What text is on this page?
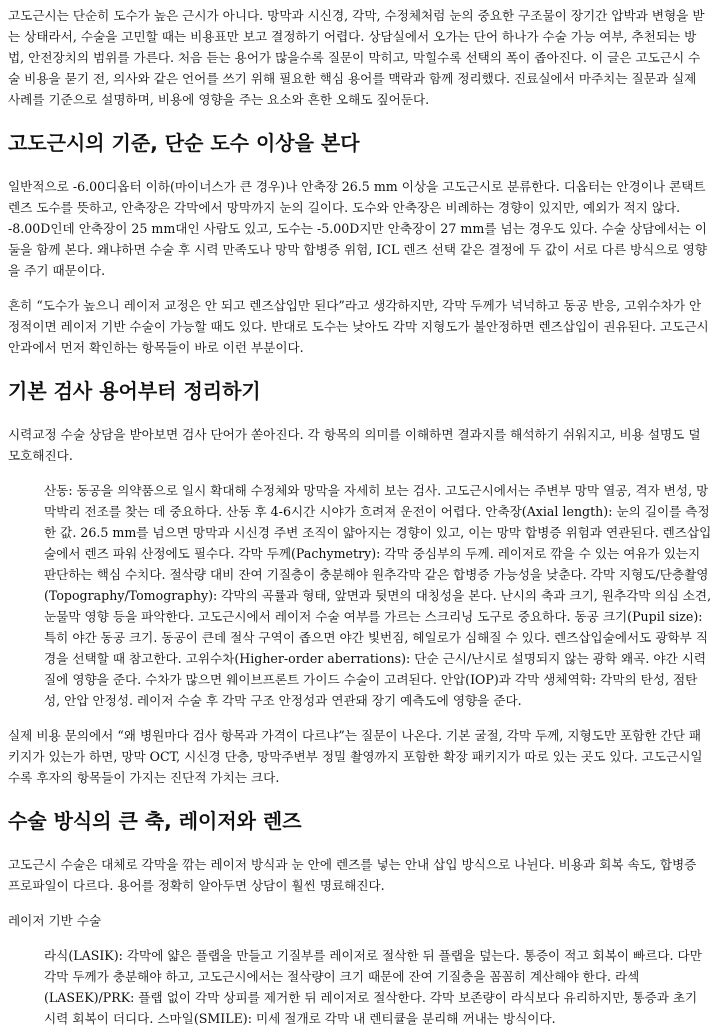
고도근시는 단순히 도수가 높은 근시가 아니다. 망막과 시신경, 각막, 수정체처럼 눈의 중요한 구조물이 장기간 압박과 변형을 받는 상태라서, 수술을 고민할 때는 비용표만 보고 결정하기 어렵다. 상담실에서 오가는 단어 하나가 수술 가능 여부, 추천되는 방법, 안전장치의 범위를 가른다. 처음 듣는 용어가 많을수록 질문이 막히고, 막힐수록 선택의 폭이 좁아진다. 이 글은 고도근시 수술 비용을 묻기 전, 의사와 같은 언어를 쓰기 위해 필요한 핵심 용어를 맥락과 함께 정리했다. 진료실에서 마주치는 질문과 실제 사례를 기준으로 설명하며, 비용에 영향을 주는 요소와 흔한 오해도 짚어둔다.

고도근시의 기준, 단순 도수 이상을 본다

일반적으로 -6.00디옵터 이하(마이너스가 큰 경우)나 안축장 26.5 mm 이상을 고도근시로 분류한다. 디옵터는 안경이나 콘택트렌즈 도수를 뜻하고, 안축장은 각막에서 망막까지 눈의 길이다. 도수와 안축장은 비례하는 경향이 있지만, 예외가 적지 않다. -8.00D인데 안축장이 25 mm대인 사람도 있고, 도수는 -5.00D지만 안축장이 27 mm를 넘는 경우도 있다. 수술 상담에서는 이 둘을 함께 본다. 왜냐하면 수술 후 시력 만족도나 망막 합병증 위험, ICL 렌즈 선택 같은 결정에 두 값이 서로 다른 방식으로 영향을 주기 때문이다.

흔히 “도수가 높으니 레이저 교정은 안 되고 렌즈삽입만 된다”라고 생각하지만, 각막 두께가 넉넉하고 동공 반응, 고위수차가 안정적이면 레이저 기반 수술이 가능할 때도 있다. 반대로 도수는 낮아도 각막 지형도가 불안정하면 렌즈삽입이 권유된다. 고도근시 안과에서 먼저 확인하는 항목들이 바로 이런 부분이다.

기본 검사 용어부터 정리하기

시력교정 수술 상담을 받아보면 검사 단어가 쏟아진다. 각 항목의 의미를 이해하면 결과지를 해석하기 쉬워지고, 비용 설명도 덜 모호해진다.

산동: 동공을 의약품으로 일시 확대해 수정체와 망막을 자세히 보는 검사. 고도근시에서는 주변부 망막 열공, 격자 변성, 망막박리 전조를 찾는 데 중요하다. 산동 후 4-6시간 시야가 흐려져 운전이 어렵다. 안축장(Axial length): 눈의 길이를 측정한 값. 26.5 mm를 넘으면 망막과 시신경 주변 조직이 얇아지는 경향이 있고, 이는 망막 합병증 위험과 연관된다. 렌즈삽입술에서 렌즈 파워 산정에도 필수다. 각막 두께(Pachymetry): 각막 중심부의 두께. 레이저로 깎을 수 있는 여유가 있는지 판단하는 핵심 수치다. 절삭량 대비 잔여 기질층이 충분해야 원추각막 같은 합병증 가능성을 낮춘다. 각막 지형도/단층촬영(Topography/Tomography): 각막의 곡률과 형태, 앞면과 뒷면의 대칭성을 본다. 난시의 축과 크기, 원추각막 의심 소견, 눈물막 영향 등을 파악한다. 고도근시에서 레이저 수술 여부를 가르는 스크리닝 도구로 중요하다. 동공 크기(Pupil size): 특히 야간 동공 크기. 동공이 큰데 절삭 구역이 좁으면 야간 빛번짐, 헤일로가 심해질 수 있다. 렌즈삽입술에서도 광학부 직경을 선택할 때 참고한다. 고위수차(Higher-order aberrations): 단순 근시/난시로 설명되지 않는 광학 왜곡. 야간 시력 질에 영향을 준다. 수차가 많으면 웨이브프론트 가이드 수술이 고려된다. 안압(IOP)과 각막 생체역학: 각막의 탄성, 점탄성, 안압 안정성. 레이저 수술 후 각막 구조 안정성과 연관돼 장기 예측도에 영향을 준다.

실제 비용 문의에서 “왜 병원마다 검사 항목과 가격이 다르냐”는 질문이 나온다. 기본 굴절, 각막 두께, 지형도만 포함한 간단 패키지가 있는가 하면, 망막 OCT, 시신경 단층, 망막주변부 정밀 촬영까지 포함한 확장 패키지가 따로 있는 곳도 있다. 고도근시일수록 후자의 항목들이 가지는 진단적 가치는 크다.

수술 방식의 큰 축, 레이저와 렌즈

고도근시 수술은 대체로 각막을 깎는 레이저 방식과 눈 안에 렌즈를 넣는 안내 삽입 방식으로 나뉜다. 비용과 회복 속도, 합병증 프로파일이 다르다. 용어를 정확히 알아두면 상담이 훨씬 명료해진다.

레이저 기반 수술

라식(LASIK): 각막에 얇은 플랩을 만들고 기질부를 레이저로 절삭한 뒤 플랩을 덮는다. 통증이 적고 회복이 빠르다. 다만 각막 두께가 충분해야 하고, 고도근시에서는 절삭량이 크기 때문에 잔여 기질층을 꼼꼼히 계산해야 한다. 라섹(LASEK)/PRK: 플랩 없이 각막 상피를 제거한 뒤 레이저로 절삭한다. 각막 보존량이 라식보다 유리하지만, 통증과 초기 시력 회복이 더디다. 스마일(SMILE): 미세 절개로 각막 내 렌티큘을 분리해 꺼내는 방식이다.
